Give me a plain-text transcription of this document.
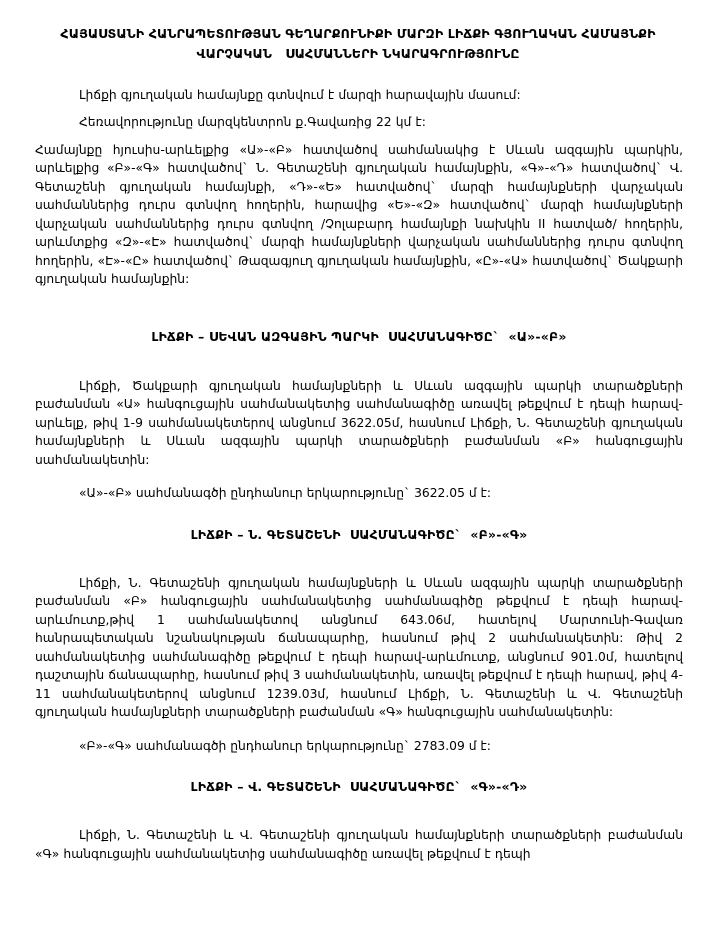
ՀԱՅԱՍՏԱՆԻ ՀԱՆՐԱՊԵՏՈՒԹՅԱՆ ԳԵՂԱՐՔՈՒՆԻՔԻ ՄԱՐԶԻ ԼԻՃՔԻ ԳՅՈՒՂԱԿԱՆ ՀԱՄԱՅՆՔԻ
ՎԱՐՉԱԿԱՆ   ՍԱՀՄԱՆՆԵՐԻ ՆԿԱՐԱԳՐՈՒԹՅՈՒՆԸ

Լիճքի գյուղական համայնքը գտնվում է մարզի հարավային մասում:

Հեռավորությունը մարզկենտրոն ք.Գավառից 22 կմ է:

Համայնքը հյուսիս-արևելքից «Ա»-«Բ» հատվածով սահմանակից է Սևան ազգային պարկին, արևելքից «Բ»-«Գ» հատվածով` Ն. Գետաշենի գյուղական համայնքին, «Գ»-«Դ» հատվածով` Վ. Գետաշենի գյուղական համայնքի, «Դ»-«Ե» հատվածով` մարզի համայնքների վարչական սահմաններից դուրս գտնվող հողերին, հարավից «Ե»-«Զ» հատվածով` մարզի համայնքների վարչական սահմաններից դուրս գտնվող /Չոլաբարդ համայնքի նախկին II հատված/ հողերին, արևմտքից «Զ»-«Է» հատվածով` մարզի համայնքների վարչական սահմաններից դուրս գտնվող հողերին, «Է»-«Ը» հատվածով` Թազագյուղ գյուղական համայնքին, «Ը»-«Ա» հատվածով` Ծակքարի գյուղական համայնքին:

ԼԻՃՔԻ – ՍԵՎԱՆ ԱԶԳԱՅԻՆ ՊԱՐԿԻ  ՍԱՀՄԱՆԱԳԻԾԸ`  «Ա»-«Բ»

Լիճքի, Ծակքարի գյուղական համայնքների և Սևան ազգային պարկի տարածքների բաժանման «Ա» հանգուցային սահմանակետից սահմանագիծը առավել թեքվում է դեպի հարավ-արևելք, թիվ 1-9 սահմանակետերով անցնում 3622.05մ, հասնում Լիճքի, Ն. Գետաշենի գյուղական համայնքների և Սևան ազգային պարկի տարածքների բաժանման «Բ» հանգուցային սահմանակետին:

«Ա»-«Բ» սահմանագծի ընդհանուր երկարությունը` 3622.05 մ է:

ԼԻՃՔԻ – Ն. ԳԵՏԱՇԵՆԻ  ՍԱՀՄԱՆԱԳԻԾԸ`  «Բ»-«Գ»

Լիճքի, Ն. Գետաշենի գյուղական համայնքների և Սևան ազգային պարկի տարածքների բաժանման «Բ» հանգուցային սահմանակետից սահմանագիծը թեքվում է դեպի հարավ-արևմուտք,թիվ 1 սահմանակետով անցնում 643.06մ, հատելով Մարտունի-Գավառ հանրապետական նշանակության ճանապարհը, հասնում թիվ 2 սահմանակետին: Թիվ 2 սահմանակետից սահմանագիծը թեքվում է դեպի հարավ-արևմուտք, անցնում 901.0մ, հատելով դաշտային ճանապարհը, հասնում թիվ 3 սահմանակետին, առավել թեքվում է դեպի հարավ, թիվ 4-11 սահմանակետերով անցնում 1239.03մ, հասնում Լիճքի, Ն. Գետաշենի և Վ. Գետաշենի գյուղական համայնքների տարածքների բաժանման «Գ» հանգուցային սահմանակետին:

«Բ»-«Գ» սահմանագծի ընդհանուր երկարությունը` 2783.09 մ է:

ԼԻՃՔԻ – Վ. ԳԵՏԱՇԵՆԻ  ՍԱՀՄԱՆԱԳԻԾԸ`  «Գ»-«Դ»

Լիճքի, Ն. Գետաշենի և Վ. Գետաշենի գյուղական համայնքների տարածքների բաժանման «Գ» հանգուցային սահմանակետից սահմանագիծը առավել թեքվում է դեպի
